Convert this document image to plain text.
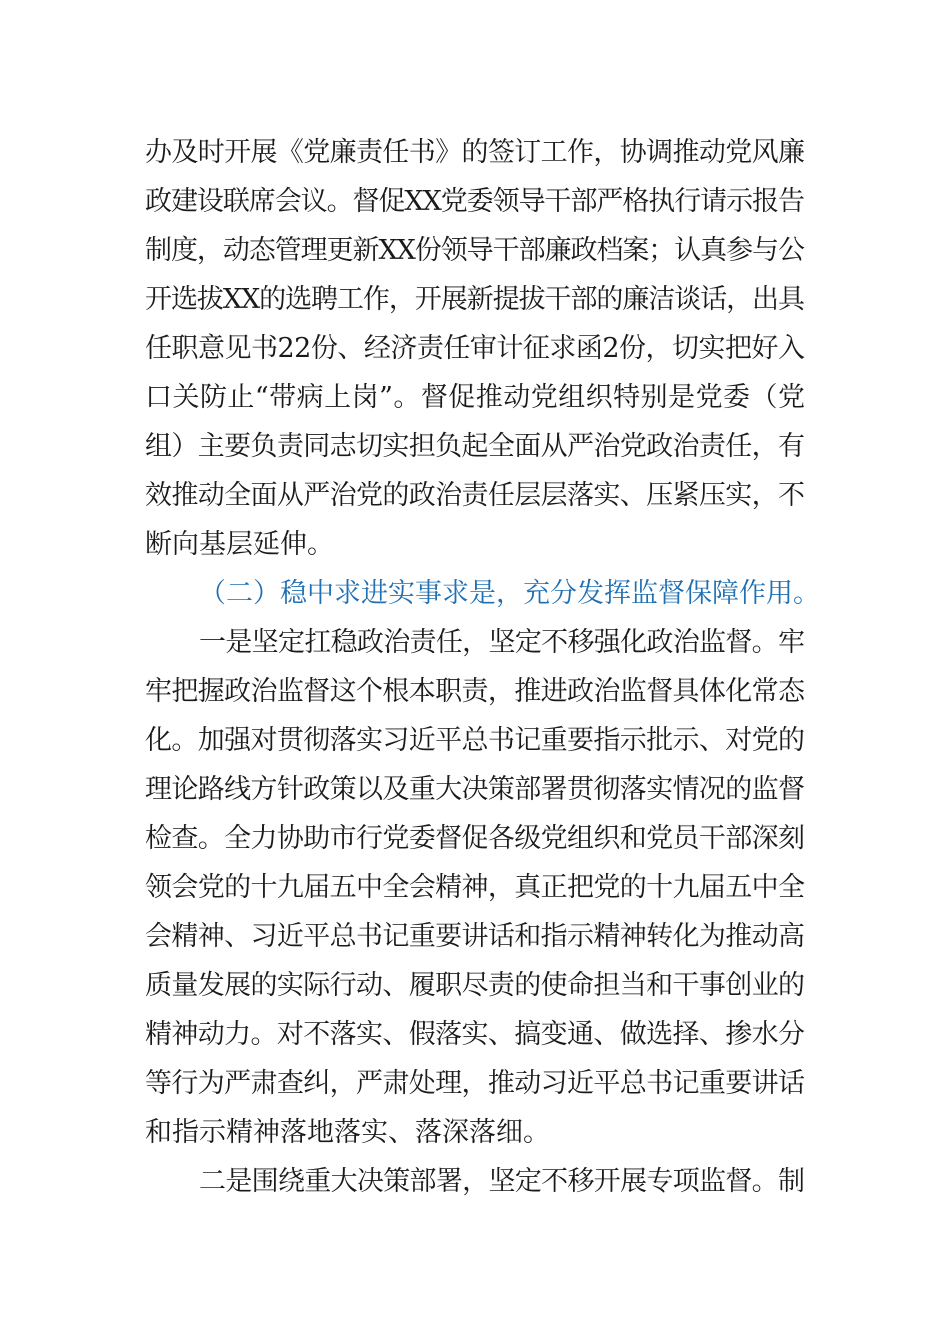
办及时开展《党廉责任书》的签订工作，协调推动党风廉
政建设联席会议。督促XX党委领导干部严格执行请示报告
制度，动态管理更新XX份领导干部廉政档案；认真参与公
开选拔XX的选聘工作，开展新提拔干部的廉洁谈话，出具
任职意见书22份、经济责任审计征求函2份，切实把好入
口关防止“带病上岗”。督促推动党组织特别是党委（党
组）主要负责同志切实担负起全面从严治党政治责任，有
效推动全面从严治党的政治责任层层落实、压紧压实，不
断向基层延伸。

（二）稳中求进实事求是，充分发挥监督保障作用。

一是坚定扛稳政治责任，坚定不移强化政治监督。牢
牢把握政治监督这个根本职责，推进政治监督具体化常态
化。加强对贯彻落实习近平总书记重要指示批示、对党的
理论路线方针政策以及重大决策部署贯彻落实情况的监督
检查。全力协助市行党委督促各级党组织和党员干部深刻
领会党的十九届五中全会精神，真正把党的十九届五中全
会精神、习近平总书记重要讲话和指示精神转化为推动高
质量发展的实际行动、履职尽责的使命担当和干事创业的
精神动力。对不落实、假落实、搞变通、做选择、掺水分
等行为严肃查纠，严肃处理，推动习近平总书记重要讲话
和指示精神落地落实、落深落细。

二是围绕重大决策部署，坚定不移开展专项监督。制
